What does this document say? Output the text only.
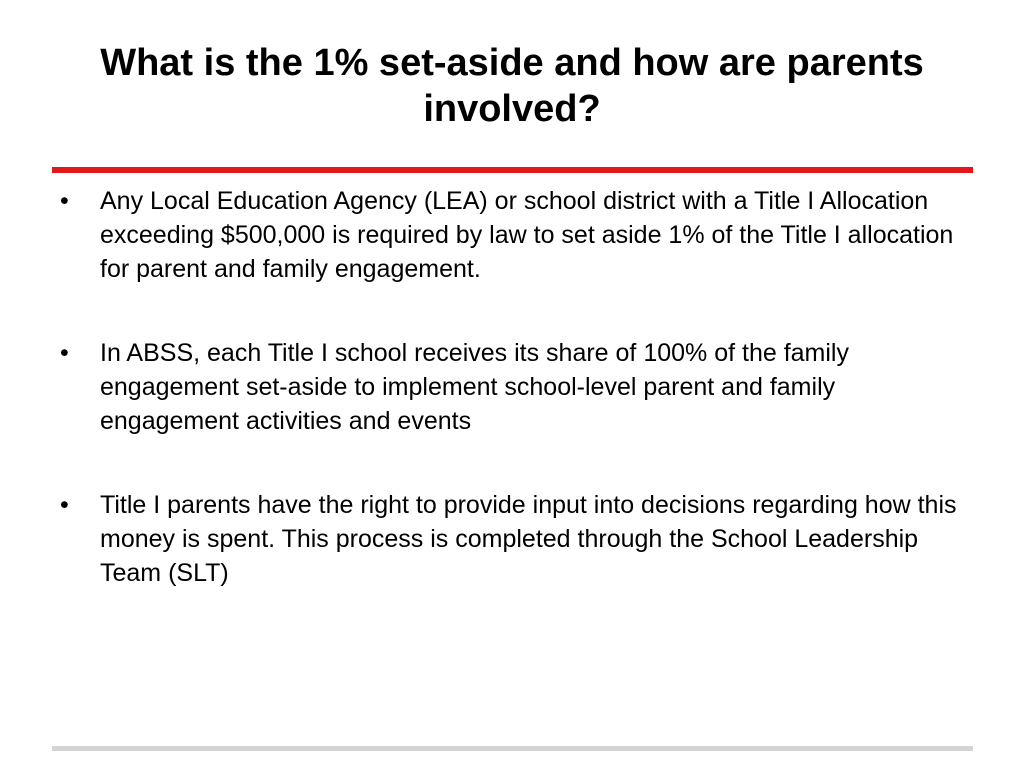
What is the 1% set-aside and how are parents involved?
•	Any Local Education Agency (LEA) or school district with a Title I Allocation exceeding $500,000 is required by law to set aside 1% of the Title I allocation for parent and family engagement.
•	In ABSS, each Title I school receives its share of 100% of the family engagement set-aside to implement school-level parent and family engagement activities and events
•	Title I parents have the right to provide input into decisions regarding how this money is spent. This process is completed through the School Leadership Team (SLT)
